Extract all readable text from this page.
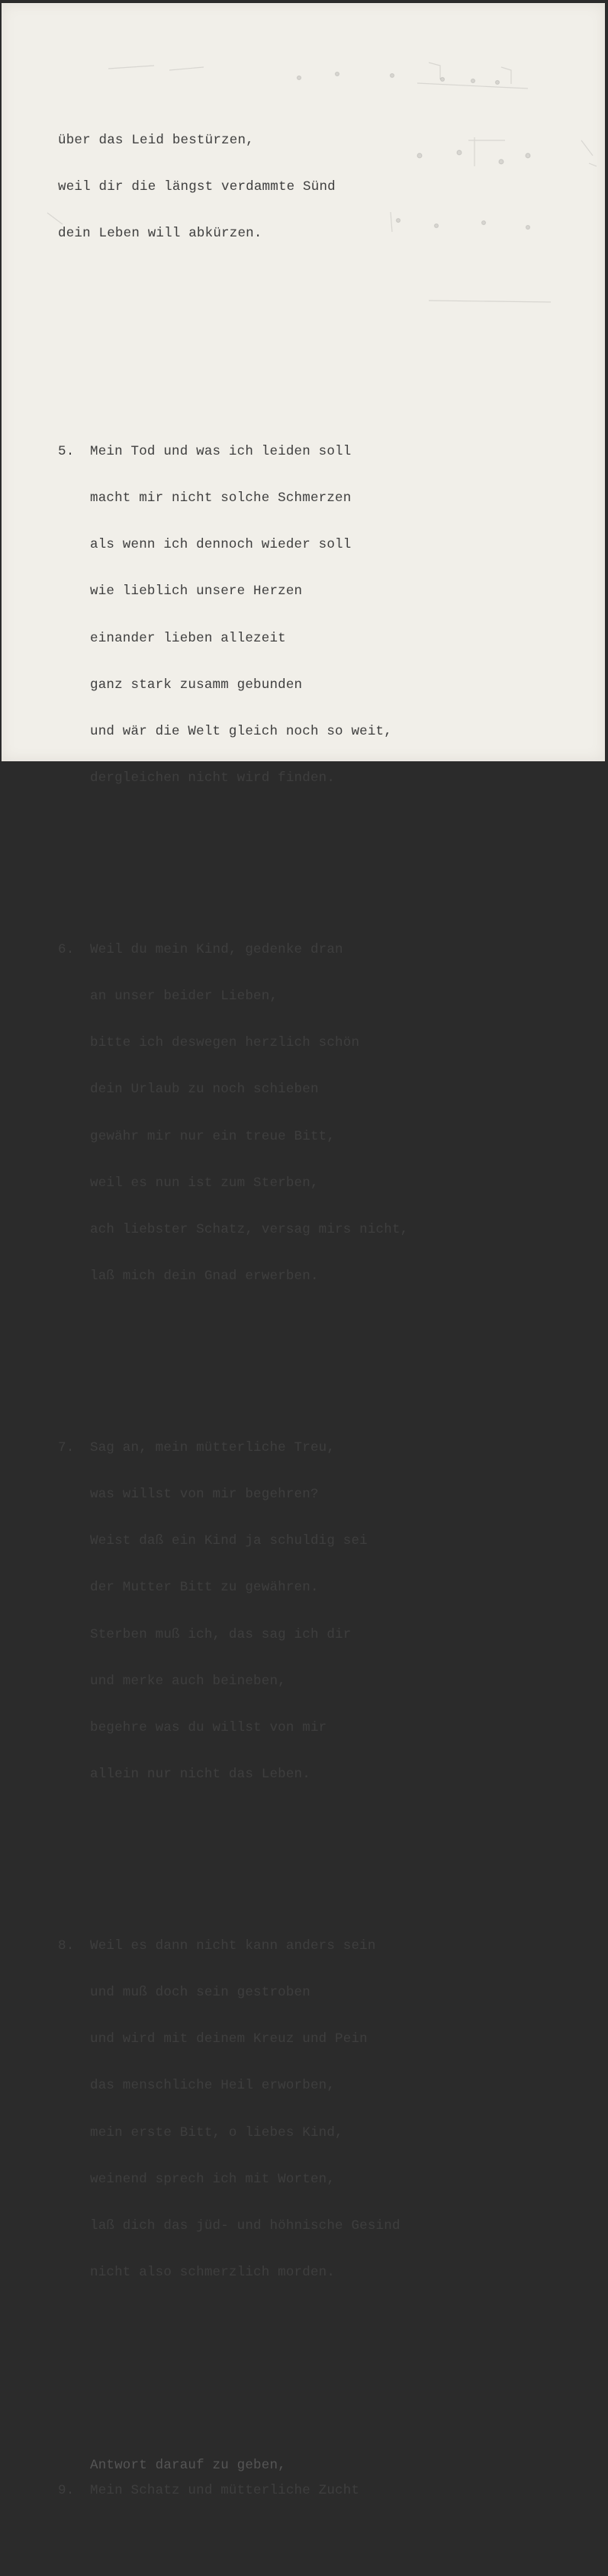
über das Leid bestürzen,

weil dir die längst verdammte Sünd

dein Leben will abkürzen.

5. Mein Tod und was ich leiden soll

macht mir nicht solche Schmerzen

als wenn ich dennoch wieder soll

wie lieblich unsere Herzen

einander lieben allezeit

ganz stark zusamm gebunden

und wär die Welt gleich noch so weit,

dergleichen nicht wird finden.

6. Weil du mein Kind, gedenke dran

an unser beider Lieben,

bitte ich deswegen herzlich schön

dein Urlaub zu noch schieben

gewähr mir nur ein treue Bitt,

weil es nun ist zum Sterben,

ach liebster Schatz, versag mirs nicht,

laß mich dein Gnad erwerben.

7. Sag an, mein mütterliche Treu,

was willst von mir begehren?

Weist daß ein Kind ja schuldig sei

der Mutter Bitt zu gewähren.

Sterben muß ich, das sag ich dir

und merke auch beineben,

begehre was du willst von mir

allein nur nicht das Leben.

8. Weil es dann nicht kann anders sein

und muß doch sein gestroben

und wird mit deinem Kreuz und Pein

das menschliche Heil erworben,

mein erste Bitt, o liebes Kind,

weinend sprech ich mit Worten,

laß dich das jüd- und höhnische Gesind

nicht also schmerzlich morden.

9. Mein Schatz und mütterliche Zucht

Antwort darauf zu geben,
